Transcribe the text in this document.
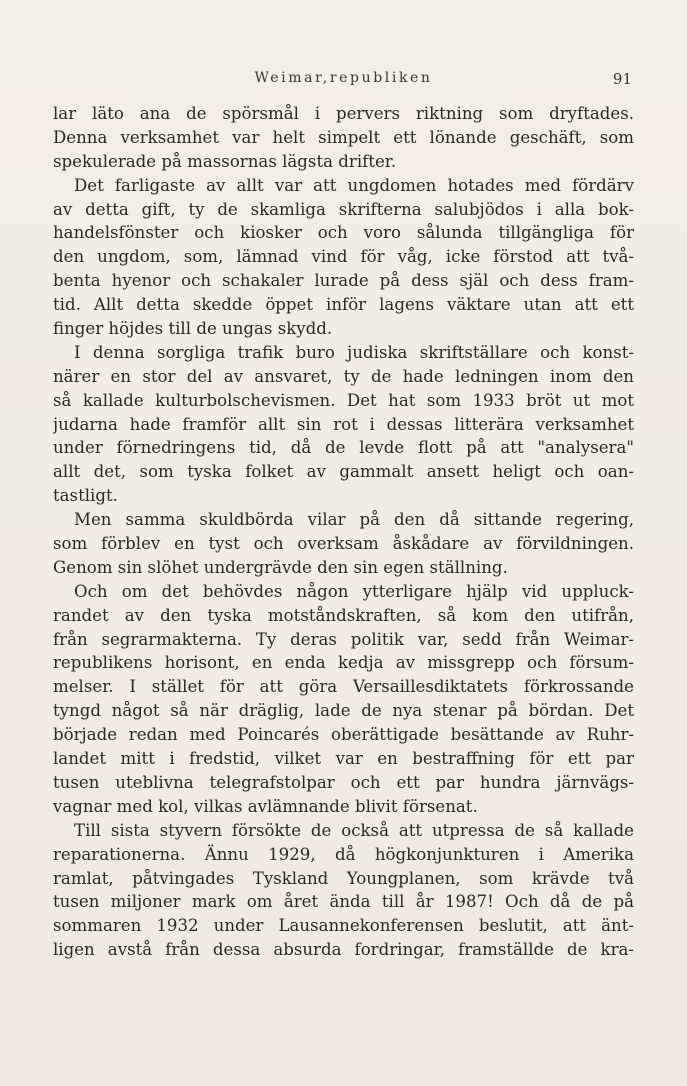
Weimar,republiken	91
lar läto ana de spörsmål i pervers riktning som dryftades.
Denna verksamhet var helt simpelt ett lönande geschäft, som
spekulerade på massornas lägsta drifter.
Det farligaste av allt var att ungdomen hotades med fördärv
av detta gift, ty de skamliga skrifterna salubjödos i alla bok-
handelsfönster och kiosker och voro sålunda tillgängliga för
den ungdom, som, lämnad vind för våg, icke förstod att två-
benta hyenor och schakaler lurade på dess själ och dess fram-
tid. Allt detta skedde öppet inför lagens väktare utan att ett
finger höjdes till de ungas skydd.
I denna sorgliga trafik buro judiska skriftställare och konst-
närer en stor del av ansvaret, ty de hade ledningen inom den
så kallade kulturbolschevismen. Det hat som 1933 bröt ut mot
judarna hade framför allt sin rot i dessas litterära verksamhet
under förnedringens tid, då de levde flott på att "analysera"
allt det, som tyska folket av gammalt ansett heligt och oan-
tastligt.
Men samma skuldbörda vilar på den då sittande regering,
som förblev en tyst och overksam åskådare av förvildningen.
Genom sin slöhet undergrävde den sin egen ställning.
Och om det behövdes någon ytterligare hjälp vid uppluck-
randet av den tyska motståndskraften, så kom den utifrån,
från segrarmakterna. Ty deras politik var, sedd från Weimar-
republikens horisont, en enda kedja av missgrepp och försum-
melser. I stället för att göra Versaillesdiktatets förkrossande
tyngd något så när dräglig, lade de nya stenar på bördan. Det
började redan med Poincarés oberättigade besättande av Ruhr-
landet mitt i fredstid, vilket var en bestraffning för ett par
tusen uteblivna telegrafstolpar och ett par hundra järnvägs-
vagnar med kol, vilkas avlämnande blivit försenat.
Till sista styvern försökte de också att utpressa de så kallade
reparationerna. Ännu 1929, då högkonjunkturen i Amerika
ramlat, påtvingades Tyskland Youngplanen, som krävde två
tusen miljoner mark om året ända till år 1987! Och då de på
sommaren 1932 under Lausannekonferensen beslutit, att änt-
ligen avstå från dessa absurda fordringar, framställde de kra-
